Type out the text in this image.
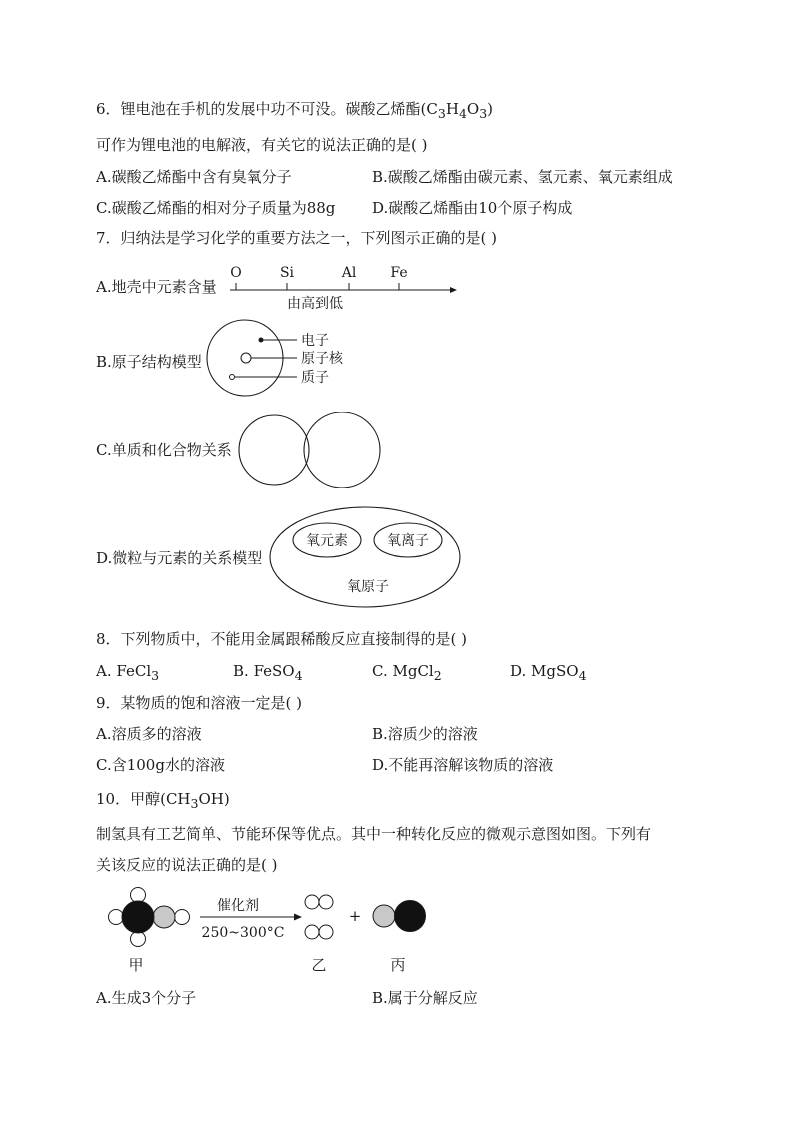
6．锂电池在手机的发展中功不可没。碳酸乙烯酯$(C_3H_4O_3)$
可作为锂电池的电解液，有关它的说法正确的是( )
A.碳酸乙烯酯中含有臭氧分子	B.碳酸乙烯酯由碳元素、氢元素、氧元素组成
C.碳酸乙烯酯的相对分子质量为88g D.碳酸乙烯酯由10个原子构成
7．归纳法是学习化学的重要方法之一，下列图示正确的是( )
A.地壳中元素含量
O	Si	Al Fe
由高到低
B.原子结构模型
电子
原子核
质子
C.单质和化合物关系
D.微粒与元素的关系模型
氧元素	氧离子
氧原子
8．下列物质中，不能用金属跟稀酸反应直接制得的是( )
A. FeCl$_3$	B. FeSO$_4$	C. MgCl$_2$	D. MgSO$_4$
9．某物质的饱和溶液一定是( )
A.溶质多的溶液	B.溶质少的溶液
C.含100g水的溶液	D.不能再溶解该物质的溶液
10．甲醇$(CH_3OH)$
制氢具有工艺简单、节能环保等优点。其中一种转化反应的微观示意图如图。下列有
关该反应的说法正确的是( )
甲
催化剂
250~300°C
乙
+
丙
A.生成3个分子	B.属于分解反应
